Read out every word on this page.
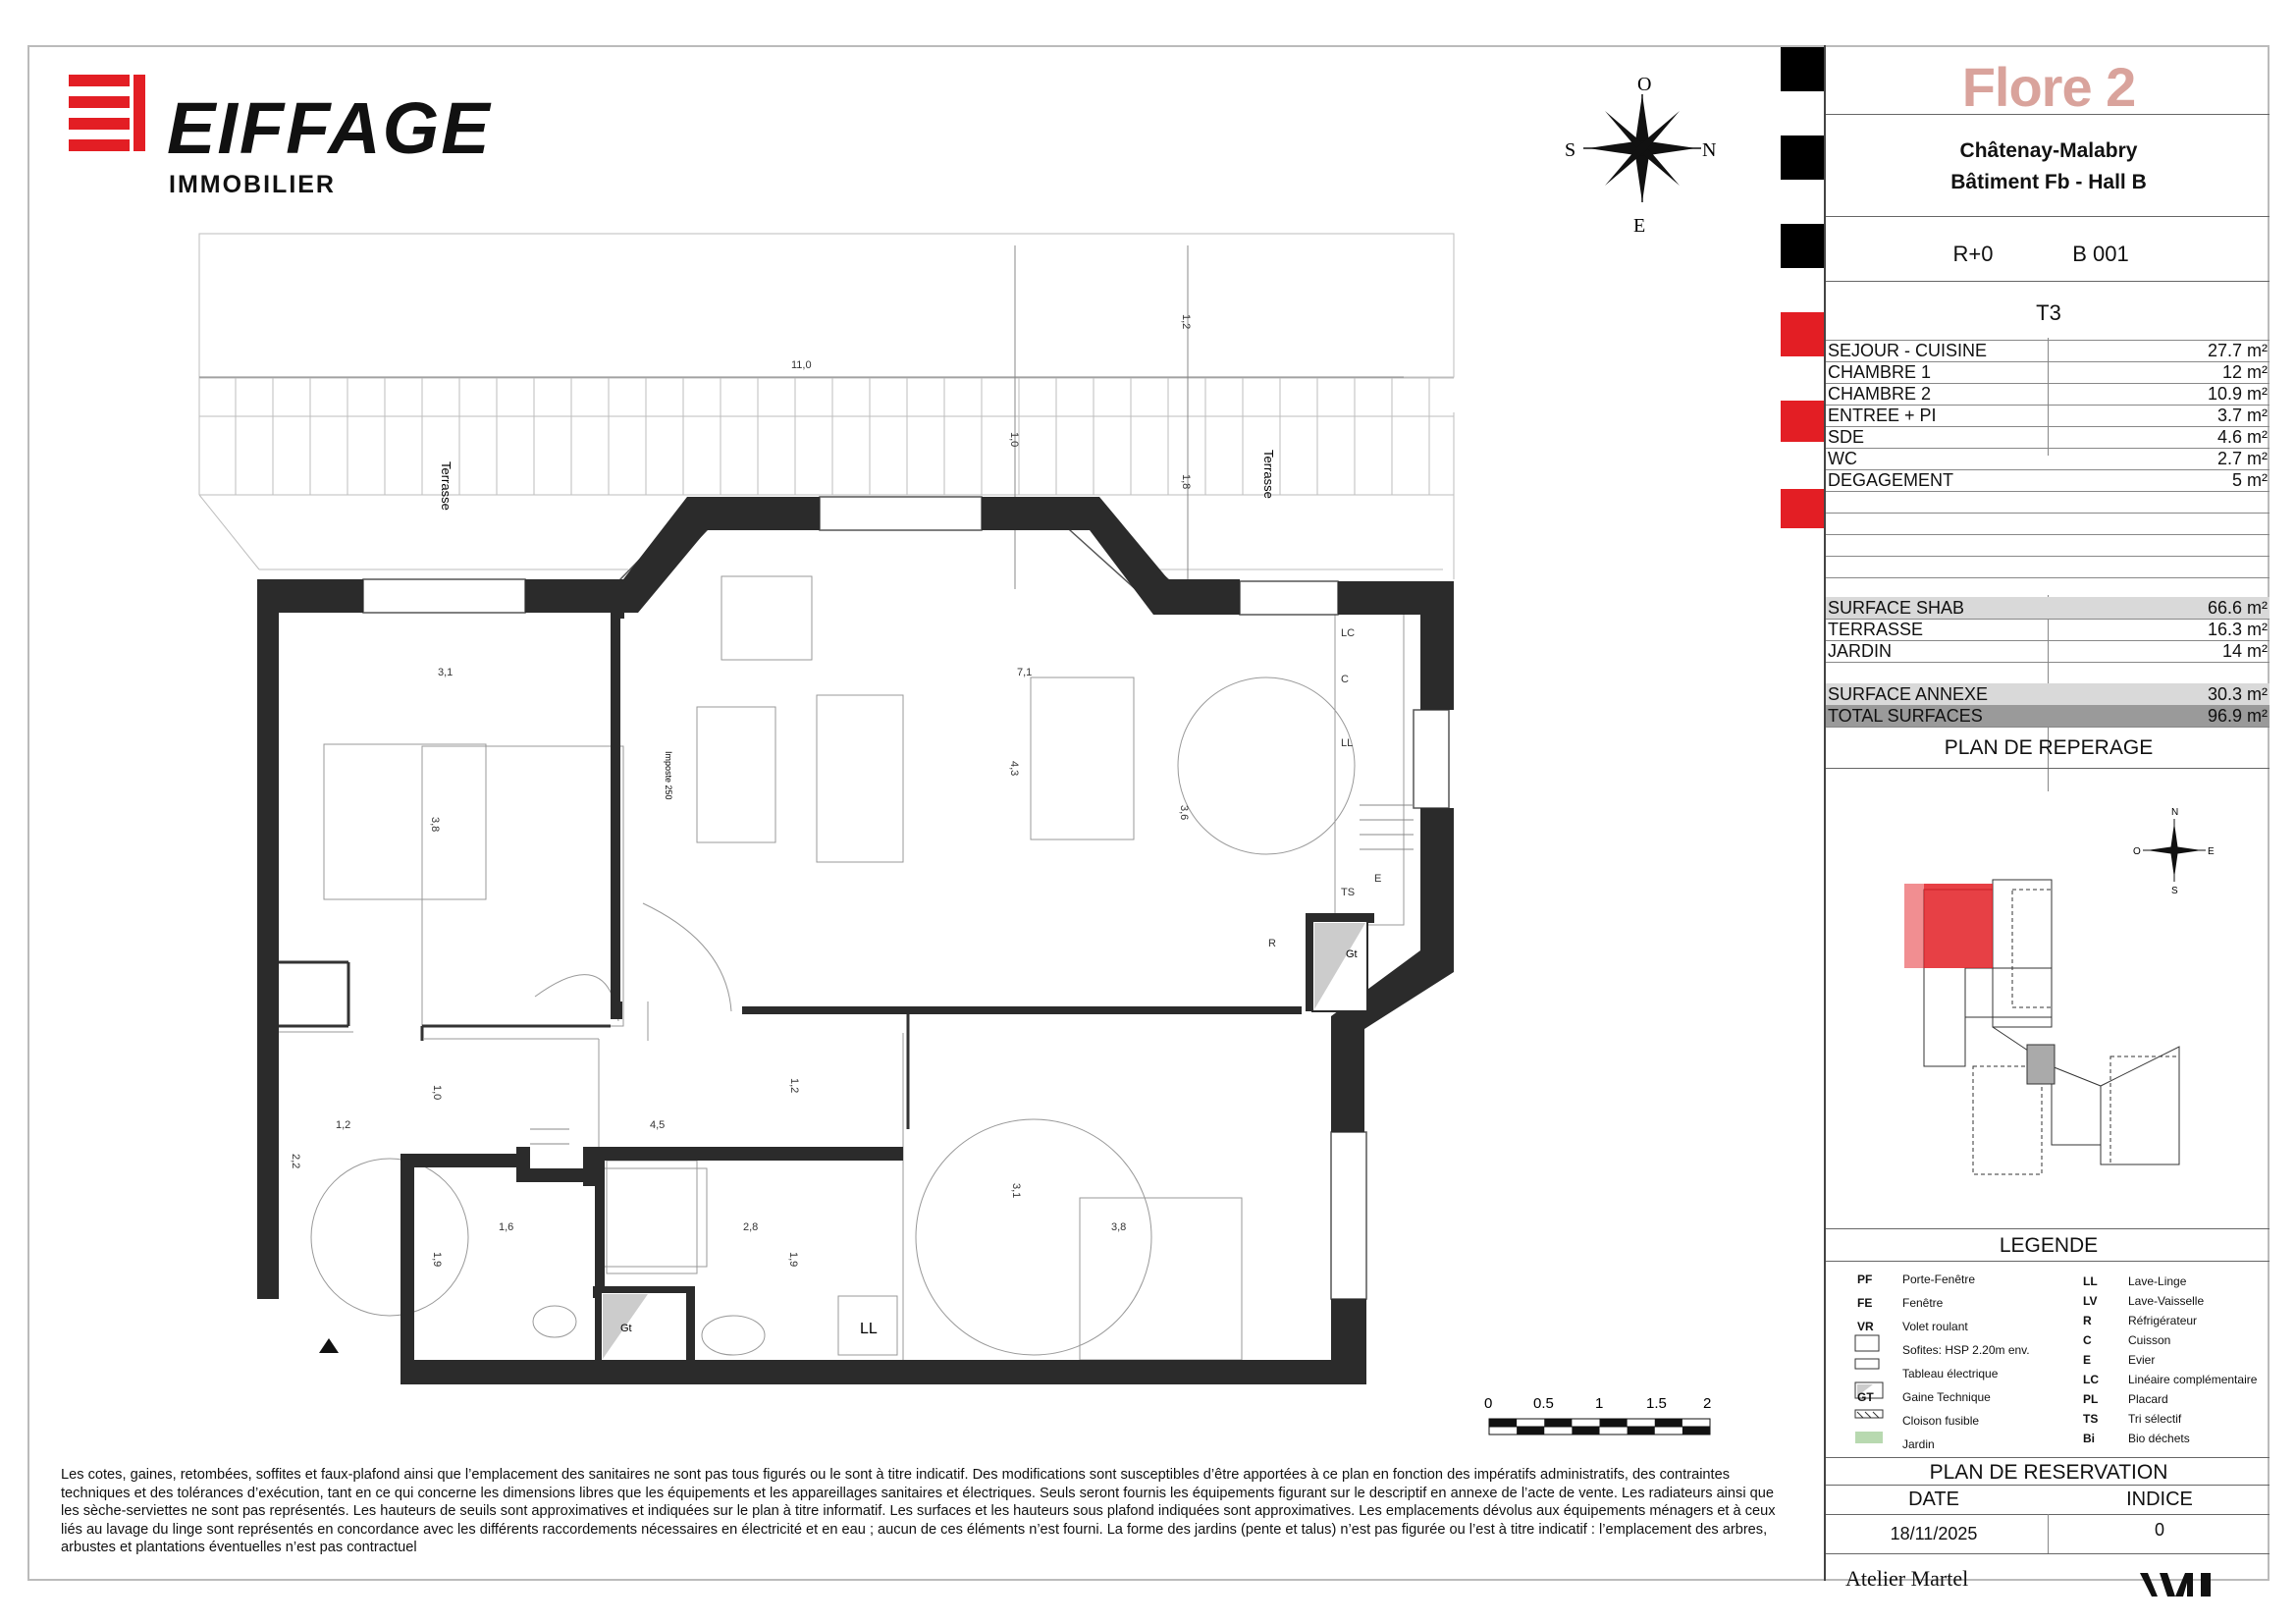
EIFFAGE
IMMOBILIER
O
E
S	N
Gt
Gt
Terrasse	Terrasse
Imposte 250
LL
11,0
1,2
1,0
1,8
3,1	7,1
3,8
4,3
3,6
1,0
1,2	4,5
1,2
2,2
1,6	2,8
1,9	1,9
3,1
3,8
LC
C
LL
E
TS
R
0	0.5	1	1.5 2
Flore 2
Châtenay-Malabry
Bâtiment Fb - Hall B
R+0	B 001
T3
SEJOUR - CUISINE	27.7 m²
CHAMBRE 1	12 m²
CHAMBRE 2	10.9 m²
ENTREE + PI	3.7 m²
SDE	4.6 m²
WC	2.7 m²
DEGAGEMENT	5 m²
SURFACE SHAB	66.6 m²
TERRASSE	16.3 m²
JARDIN	14 m²
SURFACE ANNEXE	30.3 m²
TOTAL SURFACES	96.9 m²
PLAN DE REPERAGE
N
S
E
O
LEGENDE
PF	Porte-Fenêtre
FE	Fenêtre
VR Volet roulant
Sofites: HSP 2.20m env.
Tableau électrique
GT Gaine Technique
Cloison fusible
Jardin
LL	Lave-Linge
LV	Lave-Vaisselle
R	Réfrigérateur
C	Cuisson
E	Evier
LC	Linéaire complémentaire
PL	Placard
TS	Tri sélectif
Bi	Bio déchets
PLAN DE RESERVATION
DATE	INDICE
18/11/2025	0
Atelier Martel
Les cotes, gaines, retombées, soffites et faux-plafond ainsi que l’emplacement des sanitaires ne sont pas tous figurés ou le sont à titre indicatif. Des modifications sont susceptibles d’être apportées à ce plan en fonction des impératifs administratifs, des contraintes techniques et des tolérances d’exécution, tant en ce qui concerne les dimensions libres que les équipements et les appareillages sanitaires et électriques. Seuls seront fournis les équipements figurant sur le descriptif en annexe de l’acte de vente. Les radiateurs ainsi que les sèche-serviettes ne sont pas représentés. Les hauteurs de seuils sont approximatives et indiquées sur le plan à titre informatif. Les surfaces et les hauteurs sous plafond indiquées sont approximatives. Les emplacements dévolus aux équipements ménagers et à ceux liés au lavage du linge sont représentés en concordance avec les différents raccordements nécessaires en électricité et en eau ; aucun de ces éléments n’est fourni. La forme des jardins (pente et talus) n’est pas figurée ou l’est à titre indicatif : l’emplacement des arbres, arbustes et plantations éventuelles n’est pas contractuel
